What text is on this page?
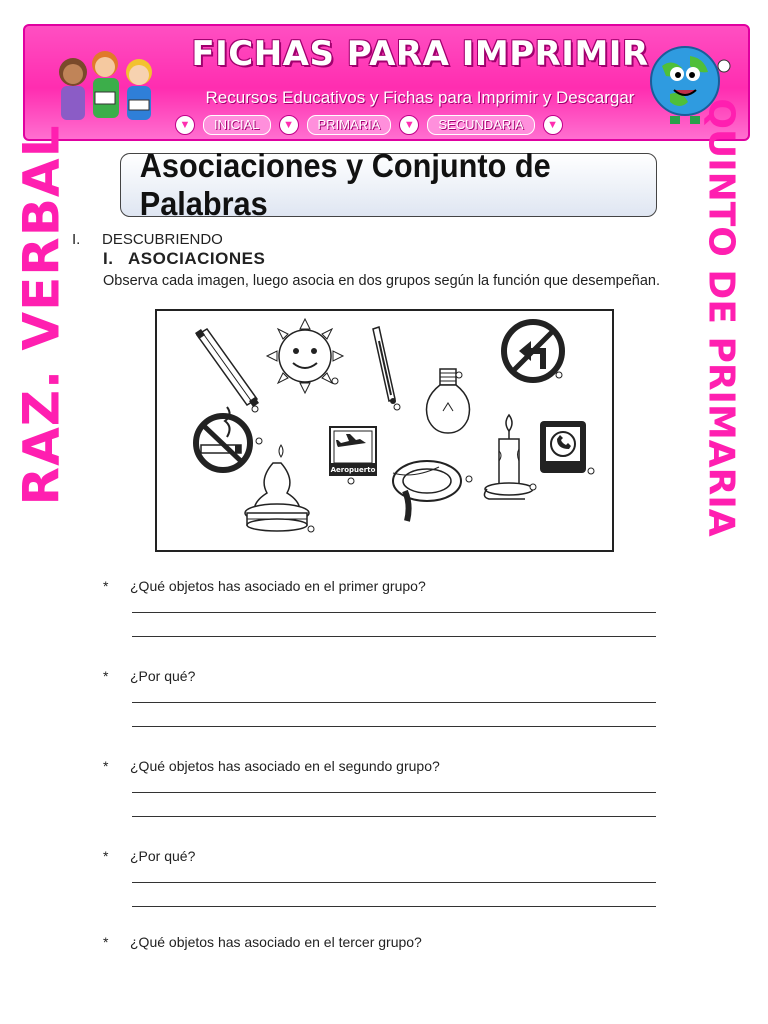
FICHAS PARA IMPRIMIR
Recursos Educativos y Fichas para Imprimir y Descargar
▼	INICIAL	▼	PRIMARIA	▼	SECUNDARIA	▼
RAZ. VERBAL	QUINTO DE PRIMARIA
Asociaciones y Conjunto de Palabras
I. DESCUBRIENDO
I. ASOCIACIONES
Observa cada imagen, luego asocia en dos grupos según la función que desempeñan.
Aeropuerto
* ¿Qué objetos has asociado en el primer grupo?
* ¿Por qué?
* ¿Qué objetos has asociado en el segundo grupo?
* ¿Por qué?
* ¿Qué objetos has asociado en el tercer grupo?
